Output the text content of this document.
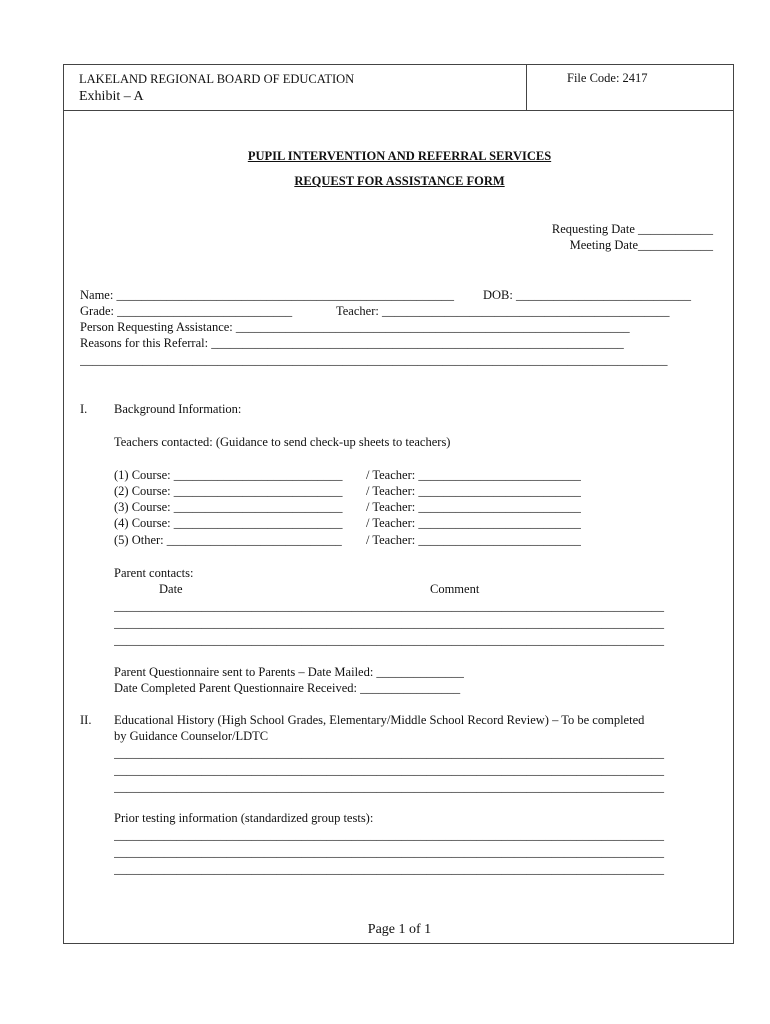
LAKELAND REGIONAL BOARD OF EDUCATION
Exhibit – A
File Code: 2417
PUPIL INTERVENTION AND REFERRAL SERVICES
REQUEST FOR ASSISTANCE FORM
Requesting Date ____________
Meeting Date____________
Name: ______________________________________________________ DOB: ____________________________
Grade: ____________________________	Teacher: ______________________________________________
Person Requesting Assistance: _______________________________________________________________
Reasons for this Referral: __________________________________________________________________
______________________________________________________________________________________________
I. Background Information:
Teachers contacted: (Guidance to send check-up sheets to teachers)
(1) Course: ___________________________ / Teacher: __________________________
(2) Course: ___________________________ / Teacher: __________________________
(3) Course: ___________________________ / Teacher: __________________________
(4) Course: ___________________________ / Teacher: __________________________
(5) Other: ____________________________ / Teacher: __________________________
Parent contacts:
Date	Comment
________________________________________________________________________________________
________________________________________________________________________________________
________________________________________________________________________________________
Parent Questionnaire sent to Parents – Date Mailed: ______________
Date Completed Parent Questionnaire Received: ________________
II. Educational History (High School Grades, Elementary/Middle School Record Review) – To be completed
by Guidance Counselor/LDTC
________________________________________________________________________________________
________________________________________________________________________________________
________________________________________________________________________________________
Prior testing information (standardized group tests):
________________________________________________________________________________________
________________________________________________________________________________________
________________________________________________________________________________________
Page 1 of 1
